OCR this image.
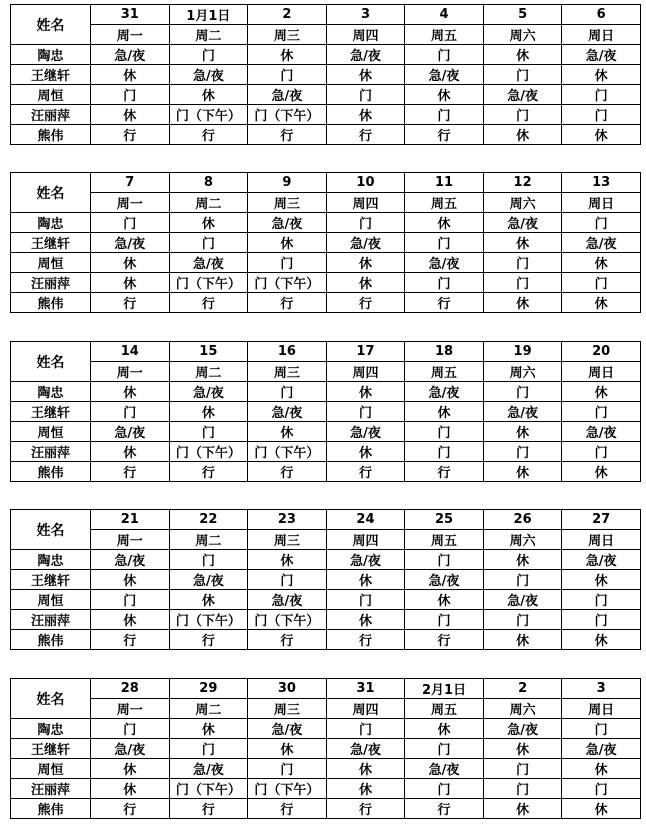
姓名	31	1月1日	2	3	4	5	6
	周一	周二	周三	周四	周五	周六	周日
陶忠	急/夜	门	休	急/夜	门	休	急/夜
王继轩	休	急/夜	门	休	急/夜	门	休
周恒	门	休	急/夜	门	休	急/夜	门
汪丽萍	休	门（下午）	门（下午）	休	门	门	门
熊伟	行	行	行	行	行	休	休
姓名	7	8	9	10	11	12	13
	周一	周二	周三	周四	周五	周六	周日
陶忠	门	休	急/夜	门	休	急/夜	门
王继轩	急/夜	门	休	急/夜	门	休	急/夜
周恒	休	急/夜	门	休	急/夜	门	休
汪丽萍	休	门（下午）	门（下午）	休	门	门	门
熊伟	行	行	行	行	行	休	休
姓名	14	15	16	17	18	19	20
	周一	周二	周三	周四	周五	周六	周日
陶忠	休	急/夜	门	休	急/夜	门	休
王继轩	门	休	急/夜	门	休	急/夜	门
周恒	急/夜	门	休	急/夜	门	休	急/夜
汪丽萍	休	门（下午）	门（下午）	休	门	门	门
熊伟	行	行	行	行	行	休	休
姓名	21	22	23	24	25	26	27
	周一	周二	周三	周四	周五	周六	周日
陶忠	急/夜	门	休	急/夜	门	休	急/夜
王继轩	休	急/夜	门	休	急/夜	门	休
周恒	门	休	急/夜	门	休	急/夜	门
汪丽萍	休	门（下午）	门（下午）	休	门	门	门
熊伟	行	行	行	行	行	休	休
姓名	28	29	30	31	2月1日	2	3
	周一	周二	周三	周四	周五	周六	周日
陶忠	门	休	急/夜	门	休	急/夜	门
王继轩	急/夜	门	休	急/夜	门	休	急/夜
周恒	休	急/夜	门	休	急/夜	门	休
汪丽萍	休	门（下午）	门（下午）	休	门	门	门
熊伟	行	行	行	行	行	休	休
